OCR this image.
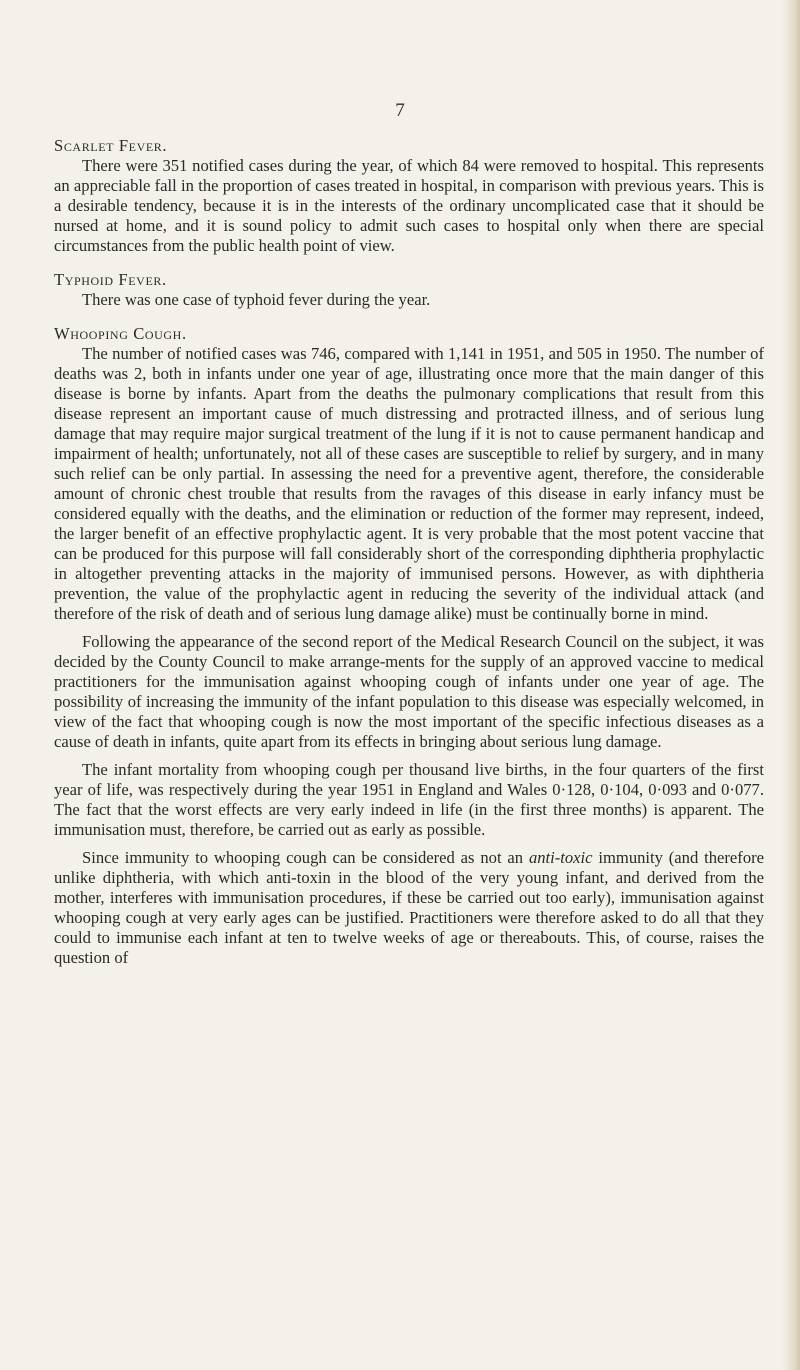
7
Scarlet Fever.

There were 351 notified cases during the year, of which 84 were removed to hospital. This represents an appreciable fall in the proportion of cases treated in hospital, in comparison with previous years. This is a desirable tendency, because it is in the interests of the ordinary uncomplicated case that it should be nursed at home, and it is sound policy to admit such cases to hospital only when there are special circumstances from the public health point of view.

Typhoid Fever.

There was one case of typhoid fever during the year.

Whooping Cough.

The number of notified cases was 746, compared with 1,141 in 1951, and 505 in 1950. The number of deaths was 2, both in infants under one year of age, illustrating once more that the main danger of this disease is borne by infants. Apart from the deaths the pulmonary complications that result from this disease represent an important cause of much distressing and protracted illness, and of serious lung damage that may require major surgical treatment of the lung if it is not to cause permanent handicap and impairment of health; unfortunately, not all of these cases are susceptible to relief by surgery, and in many such relief can be only partial. In assessing the need for a preventive agent, therefore, the considerable amount of chronic chest trouble that results from the ravages of this disease in early infancy must be considered equally with the deaths, and the elimination or reduction of the former may represent, indeed, the larger benefit of an effective prophylactic agent. It is very probable that the most potent vaccine that can be produced for this purpose will fall considerably short of the corresponding diphtheria prophylactic in altogether preventing attacks in the majority of immunised persons. However, as with diphtheria prevention, the value of the prophylactic agent in reducing the severity of the individual attack (and therefore of the risk of death and of serious lung damage alike) must be continually borne in mind.

Following the appearance of the second report of the Medical Research Council on the subject, it was decided by the County Council to make arrange-ments for the supply of an approved vaccine to medical practitioners for the immunisation against whooping cough of infants under one year of age. The possibility of increasing the immunity of the infant population to this disease was especially welcomed, in view of the fact that whooping cough is now the most important of the specific infectious diseases as a cause of death in infants, quite apart from its effects in bringing about serious lung damage.

The infant mortality from whooping cough per thousand live births, in the four quarters of the first year of life, was respectively during the year 1951 in England and Wales 0·128, 0·104, 0·093 and 0·077. The fact that the worst effects are very early indeed in life (in the first three months) is apparent. The immunisation must, therefore, be carried out as early as possible.

Since immunity to whooping cough can be considered as not an anti-toxic immunity (and therefore unlike diphtheria, with which anti-toxin in the blood of the very young infant, and derived from the mother, interferes with immunisation procedures, if these be carried out too early), immunisation against whooping cough at very early ages can be justified. Practitioners were therefore asked to do all that they could to immunise each infant at ten to twelve weeks of age or thereabouts. This, of course, raises the question of
